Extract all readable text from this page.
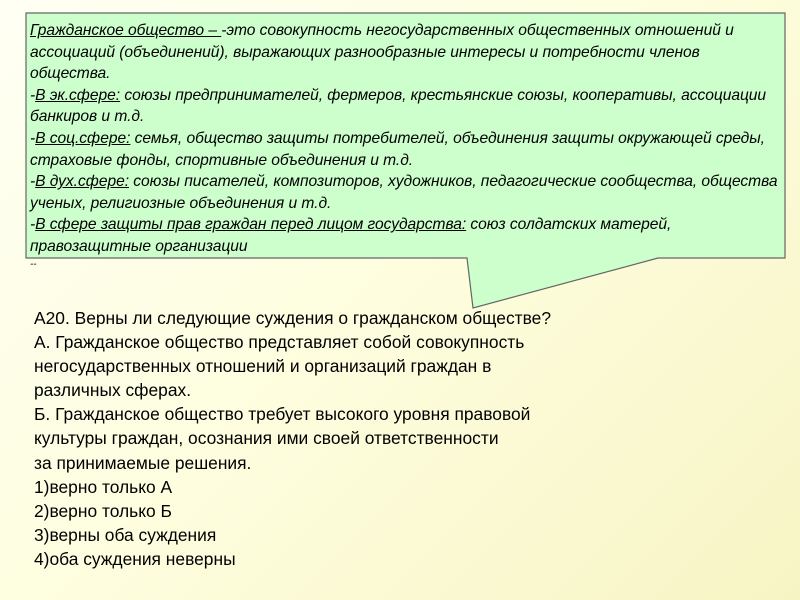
Гражданское общество – -это совокупность негосударственных общественных отношений и ассоциаций (объединений), выражающих разнообразные интересы и потребности членов общества.

-В эк.сфере: союзы предпринимателей, фермеров, крестьянские союзы, кооперативы, ассоциации банкиров и т.д.

-В соц.сфере: семья, общество защиты потребителей, объединения защиты окружающей среды, страховые фонды, спортивные объединения и т.д.

-В дух.сфере: союзы писателей, композиторов, художников, педагогические сообщества, общества ученых, религиозные объединения и т.д.

-В сфере защиты прав граждан перед лицом государства: союз солдатских матерей, правозащитные организации

--

А20. Верны ли следующие суждения о гражданском обществе?

А. Гражданское общество представляет собой совокупность

негосударственных отношений и организаций граждан в

различных сферах.

Б. Гражданское общество требует высокого уровня правовой

культуры граждан, осознания ими своей ответственности

за принимаемые решения.

1)верно только А

2)верно только Б

3)верны оба суждения

4)оба суждения неверны
